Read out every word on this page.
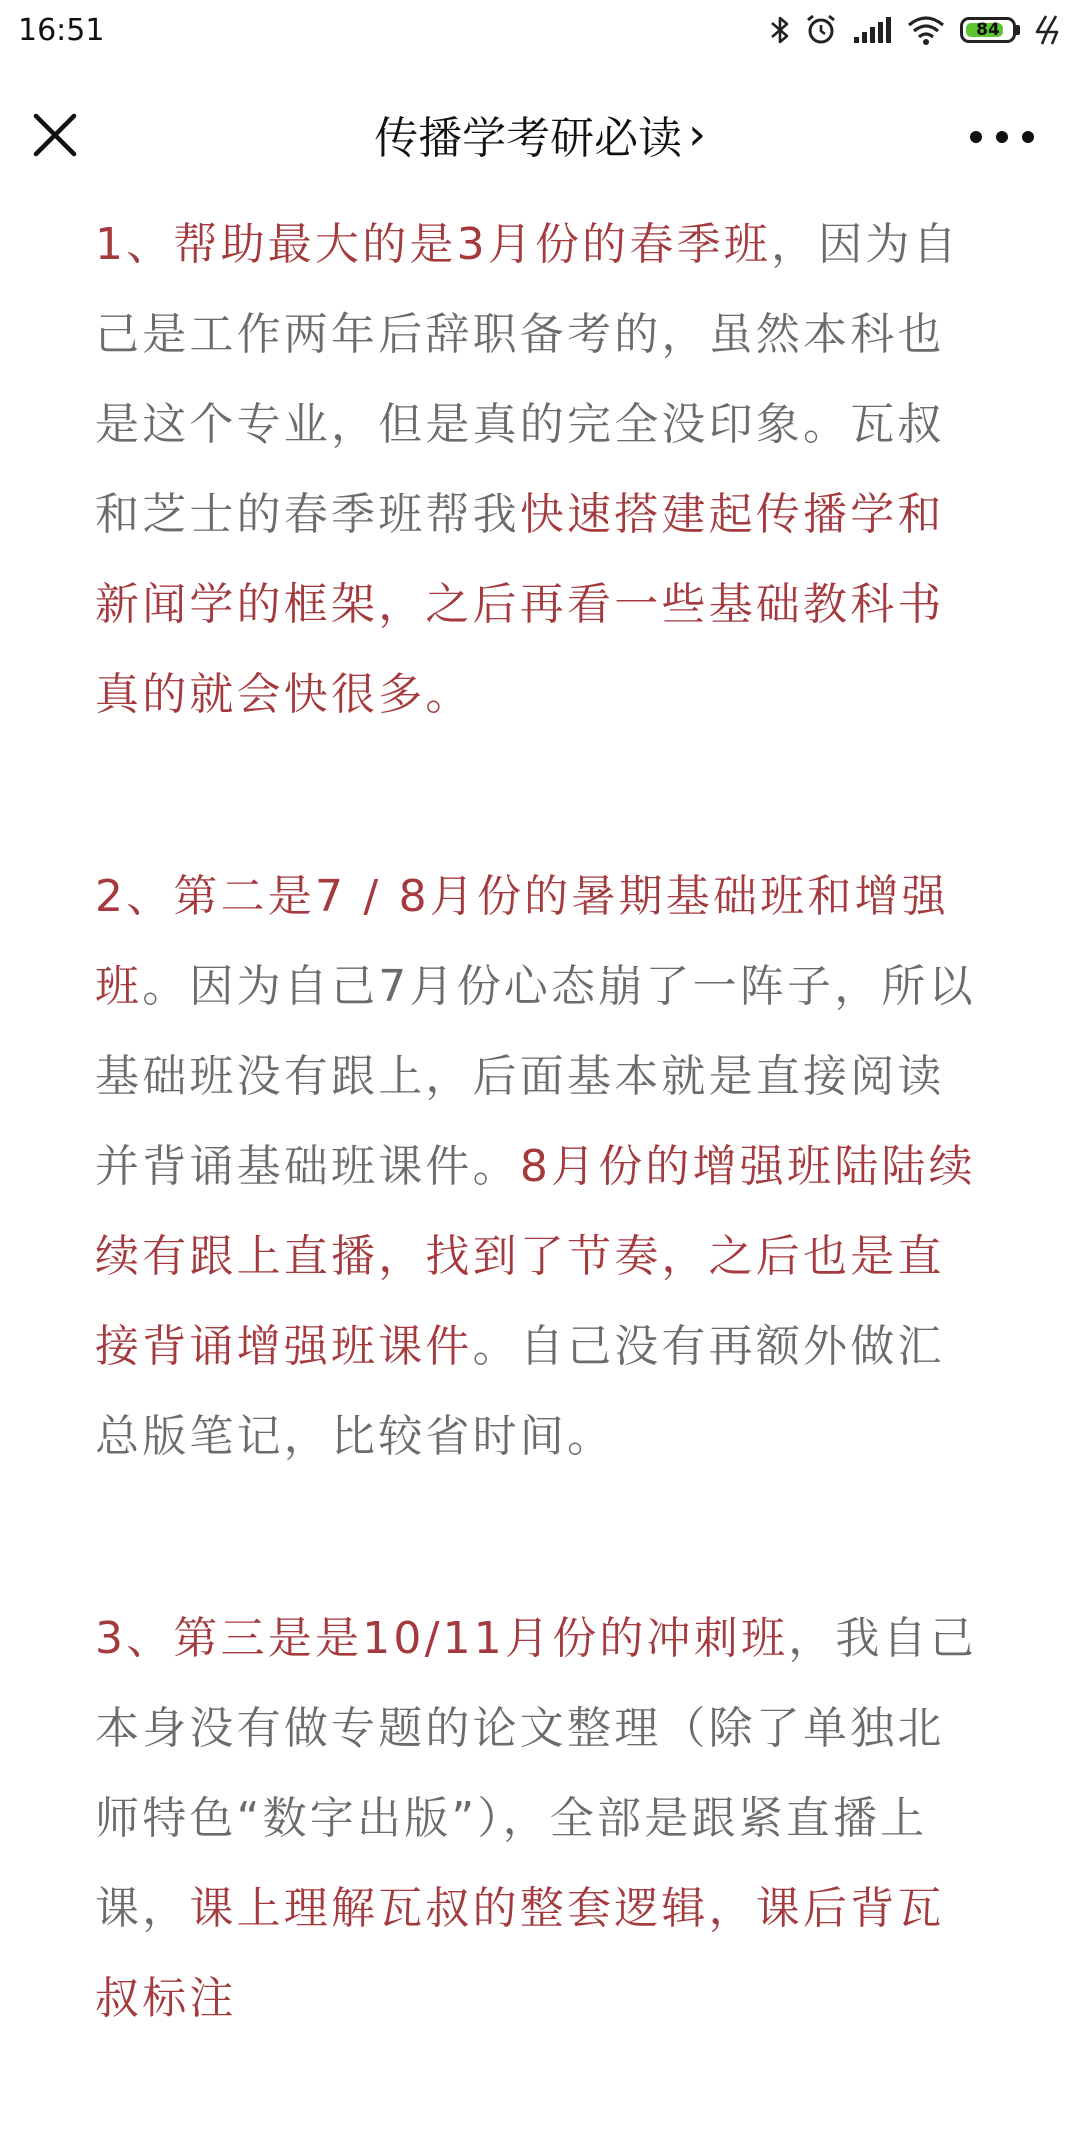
16:51	84
传播学考研必读 ›

1、帮助最大的是3月份的春季班，因为自己是工作两年后辞职备考的，虽然本科也是这个专业，但是真的完全没印象。瓦叔和芝士的春季班帮我快速搭建起传播学和新闻学的框架，之后再看一些基础教科书真的就会快很多。

2、第二是7 / 8月份的暑期基础班和增强班。因为自己7月份心态崩了一阵子，所以基础班没有跟上，后面基本就是直接阅读并背诵基础班课件。8月份的增强班陆陆续续有跟上直播，找到了节奏，之后也是直接背诵增强班课件。自己没有再额外做汇总版笔记，比较省时间。

3、第三是是10/11月份的冲刺班，我自己本身没有做专题的论文整理（除了单独北师特色“数字出版”），全部是跟紧直播上课，课上理解瓦叔的整套逻辑，课后背瓦叔标注
